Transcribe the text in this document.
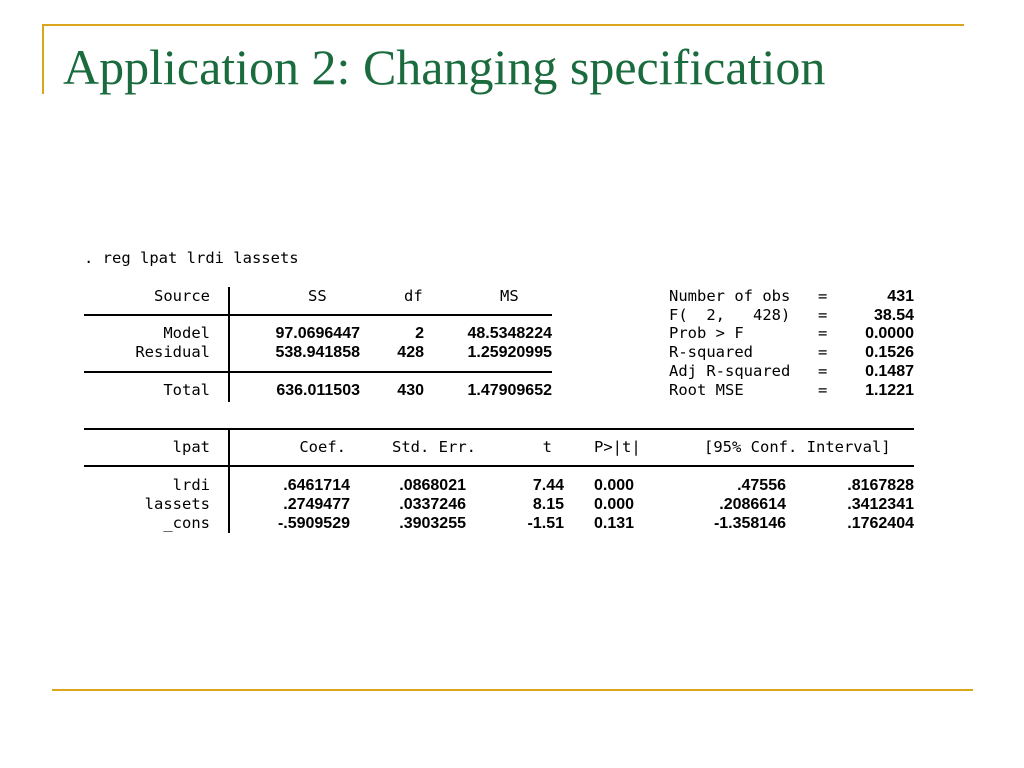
Application 2: Changing specification
. reg lpat lrdi lassets
Source	SS	df	MS
Model	97.0696447	2	48.5348224
Residual	538.941858	428	1.25920995
Total	636.011503	430	1.47909652
Number of obs =	431
F(  2,   428) =	38.54
Prob > F	=	0.0000
R-squared	=	0.1526
Adj R-squared =	0.1487
Root MSE	=	1.1221
lpat	Coef.	Std. Err.	t	P>|t|	[95% Conf. Interval]
lrdi	.6461714	.0868021	7.44 0.000	.47556	.8167828
lassets	.2749477	.0337246	8.15 0.000	.2086614	.3412341
_cons	-.5909529	.3903255	-1.51 0.131	-1.358146	.1762404
